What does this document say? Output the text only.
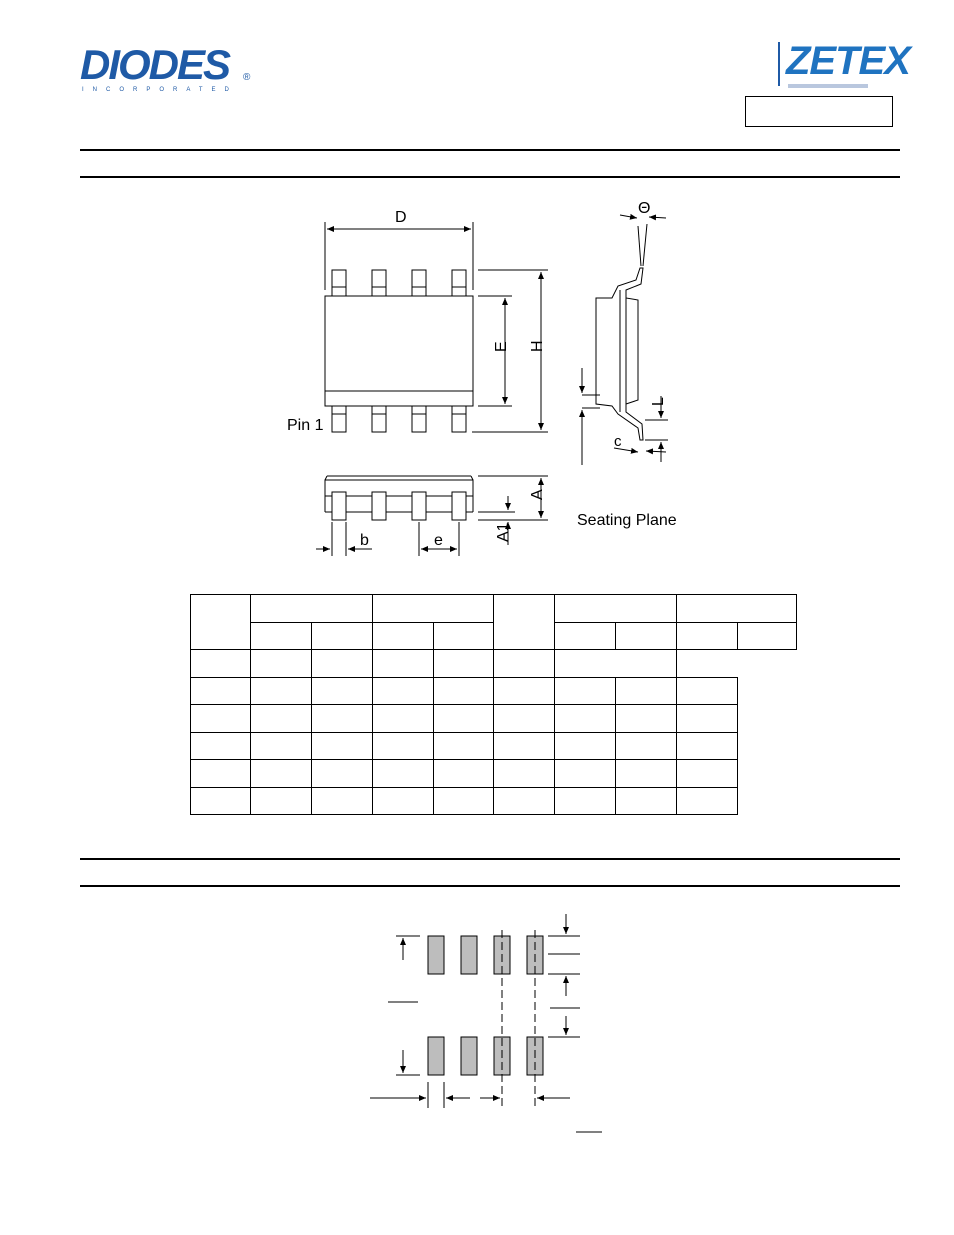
DIODES
INCORPORATED
®	ZETEX
D
E H
Θ
L
c
A
A1
b	e
Pin 1
Seating Plane
